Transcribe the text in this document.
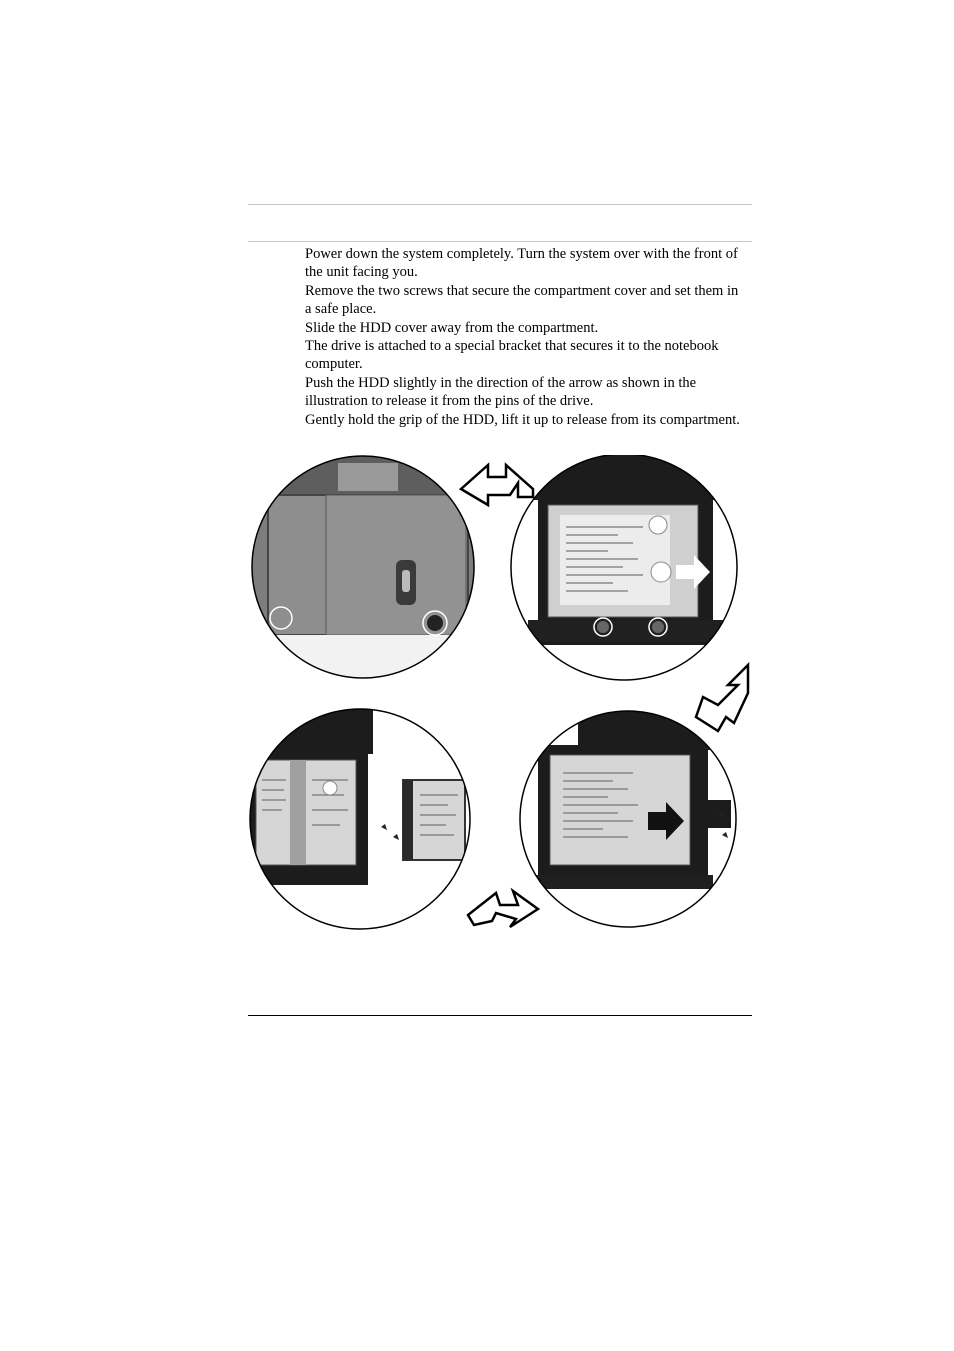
Power down the system completely. Turn the system over with the front of the unit facing you.

Remove the two screws that secure the compartment cover and set them in a safe place.

Slide the HDD cover away from the compartment.

The drive is attached to a special bracket that secures it to the notebook computer.

Push the HDD slightly in the direction of the arrow as shown in the illustration to release it from the pins of the drive.

Gently hold the grip of the HDD, lift it up to release from its compartment.
